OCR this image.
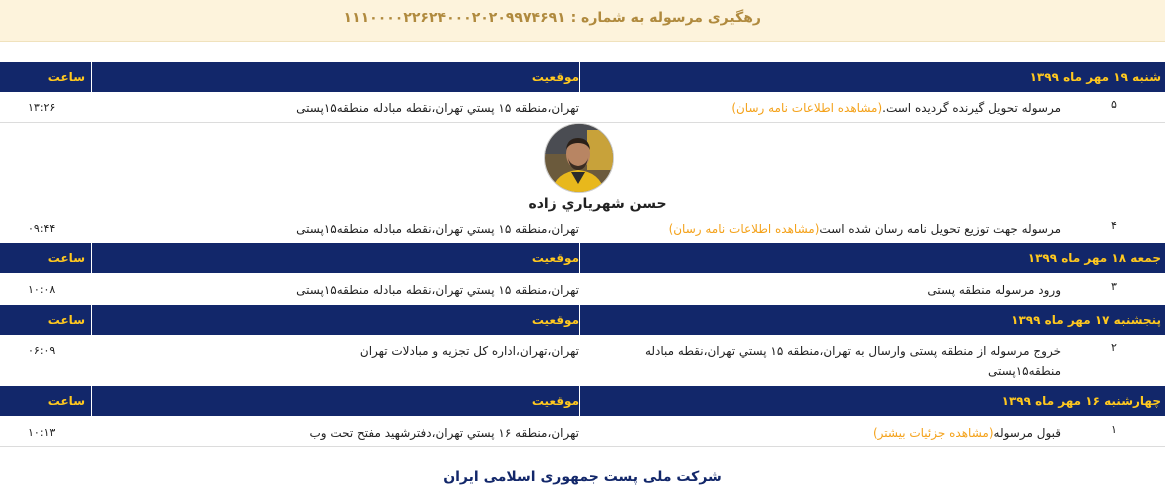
رهگیری مرسوله به شماره : ۱۱۱۰۰۰۰۲۲۶۲۴۰۰۰۲۰۲۰۹۹۷۴۶۹۱
شنبه ۱۹ مهر ماه ۱۳۹۹
موقعیت
ساعت
۵
مرسوله تحویل گیرنده گردیده است.(مشاهده اطلاعات نامه رسان)
تهران،منطقه ۱۵ پستي تهران،نقطه مبادله منطقه۱۵پستی
۱۳:۲۶
حسن شهرياري زاده
۴
مرسوله جهت توزیع تحویل نامه رسان شده است(مشاهده اطلاعات نامه رسان)
تهران،منطقه ۱۵ پستي تهران،نقطه مبادله منطقه۱۵پستی
۰۹:۴۴
جمعه ۱۸ مهر ماه ۱۳۹۹
موقعیت
ساعت
۳
ورود مرسوله منطقه پستی
تهران،منطقه ۱۵ پستي تهران،نقطه مبادله منطقه۱۵پستی
۱۰:۰۸
پنجشنبه ۱۷ مهر ماه ۱۳۹۹
موقعیت
ساعت
۲
خروج مرسوله از منطقه پستی وارسال به تهران،منطقه ۱۵ پستي تهران،نقطه مبادله منطقه۱۵پستی
تهران،تهران،اداره کل تجزیه و مبادلات تهران
۰۶:۰۹
چهارشنبه ۱۶ مهر ماه ۱۳۹۹
موقعیت
ساعت
۱
قبول مرسوله(مشاهده جزئیات بیشتر)
تهران،منطقه ۱۶ پستي تهران،دفترشهید مفتح تحت وب
۱۰:۱۳
شرکت ملی پست جمهوری اسلامی ایران
